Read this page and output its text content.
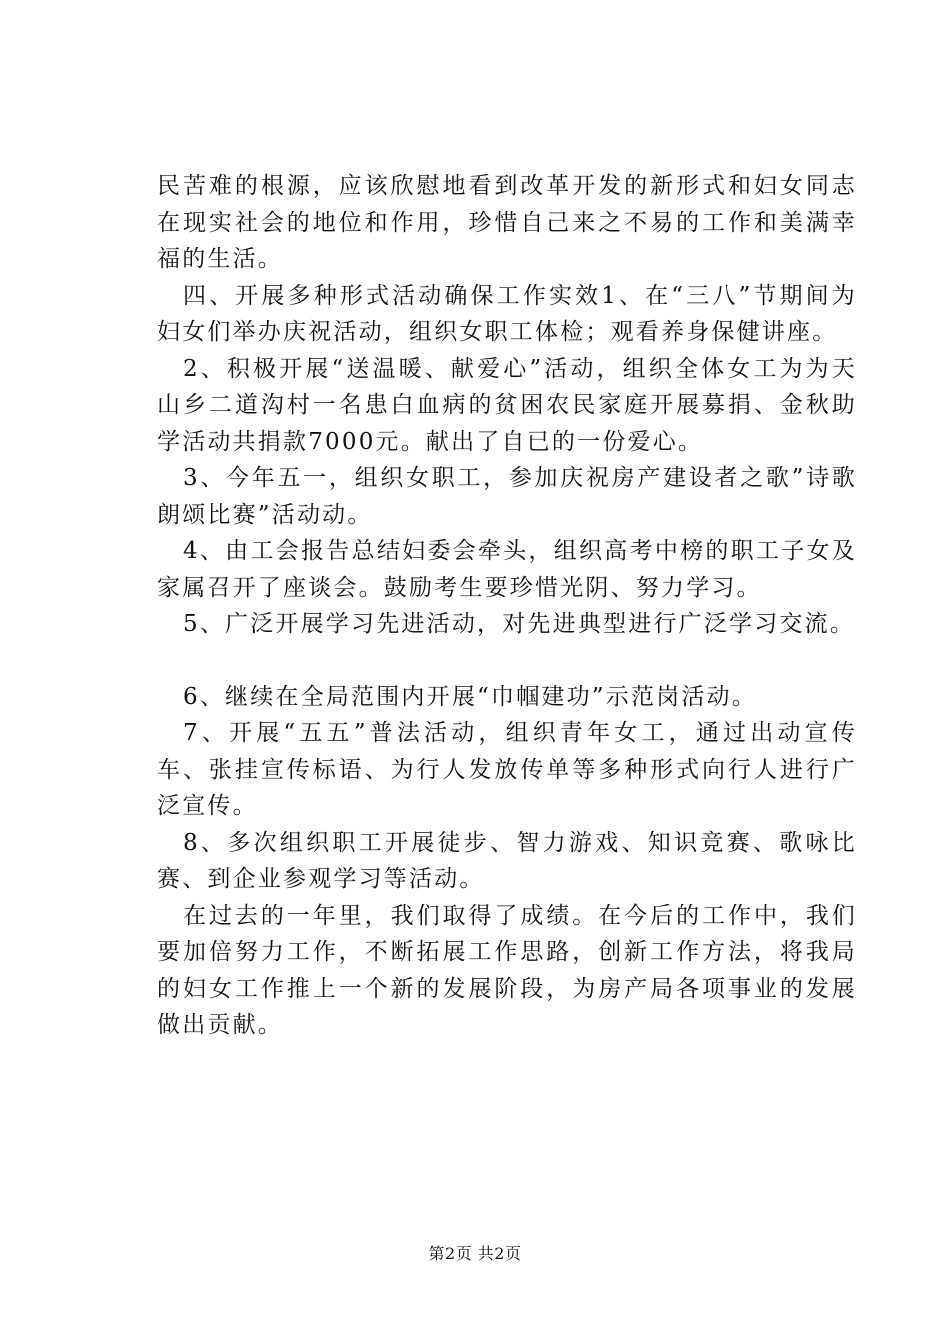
民苦难的根源，应该欣慰地看到改革开发的新形式和妇女同志在现实社会的地位和作用，珍惜自己来之不易的工作和美满幸福的生活。

四、开展多种形式活动确保工作实效1、在“三八”节期间为妇女们举办庆祝活动，组织女职工体检；观看养身保健讲座。

2、积极开展“送温暖、献爱心”活动，组织全体女工为为天山乡二道沟村一名患白血病的贫困农民家庭开展募捐、金秋助学活动共捐款7000元。献出了自已的一份爱心。

3、今年五一，组织女职工，参加庆祝房产建设者之歌”诗歌朗颂比赛”活动动。

4、由工会报告总结妇委会牵头，组织高考中榜的职工子女及家属召开了座谈会。鼓励考生要珍惜光阴、努力学习。

5、广泛开展学习先进活动，对先进典型进行广泛学习交流。

6、继续在全局范围内开展“巾帼建功”示范岗活动。

7、开展“五五”普法活动，组织青年女工，通过出动宣传车、张挂宣传标语、为行人发放传单等多种形式向行人进行广泛宣传。

8、多次组织职工开展徒步、智力游戏、知识竞赛、歌咏比赛、到企业参观学习等活动。

在过去的一年里，我们取得了成绩。在今后的工作中，我们要加倍努力工作，不断拓展工作思路，创新工作方法，将我局的妇女工作推上一个新的发展阶段，为房产局各项事业的发展做出贡献。

第2页 共2页
